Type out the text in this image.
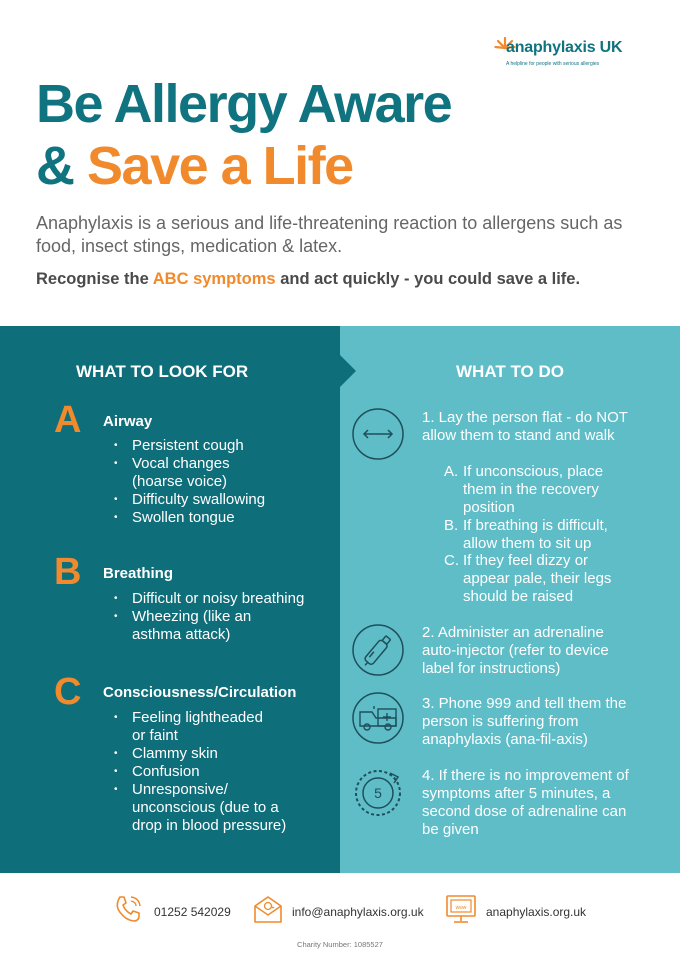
anaphylaxis UK
A helpline for people with serious allergies
Be Allergy Aware
& Save a Life
Anaphylaxis is a serious and life-threatening reaction to allergens such as food, insect stings, medication & latex.
Recognise the ABC symptoms and act quickly - you could save a life.
WHAT TO LOOK FOR	WHAT TO DO
A Airway
• Persistent cough
• Vocal changes (hoarse voice)
• Difficulty swallowing
• Swollen tongue
B Breathing
• Difficult or noisy breathing
• Wheezing (like an asthma attack)
C Consciousness/Circulation
• Feeling lightheaded or faint
• Clammy skin
• Confusion
• Unresponsive/ unconscious (due to a drop in blood pressure)
5
1. Lay the person flat - do NOT allow them to stand and walk
A. If unconscious, place them in the recovery position
B. If breathing is difficult, allow them to sit up
C. If they feel dizzy or appear pale, their legs should be raised
2. Administer an adrenaline auto-injector (refer to device label for instructions)
3. Phone 999 and tell them the person is suffering from anaphylaxis (ana-fil-axis)
4. If there is no improvement of symptoms after 5 minutes, a second dose of adrenaline can be given
01252 542029	info@anaphylaxis.org.uk	www anaphylaxis.org.uk
Charity Number: 1085527
